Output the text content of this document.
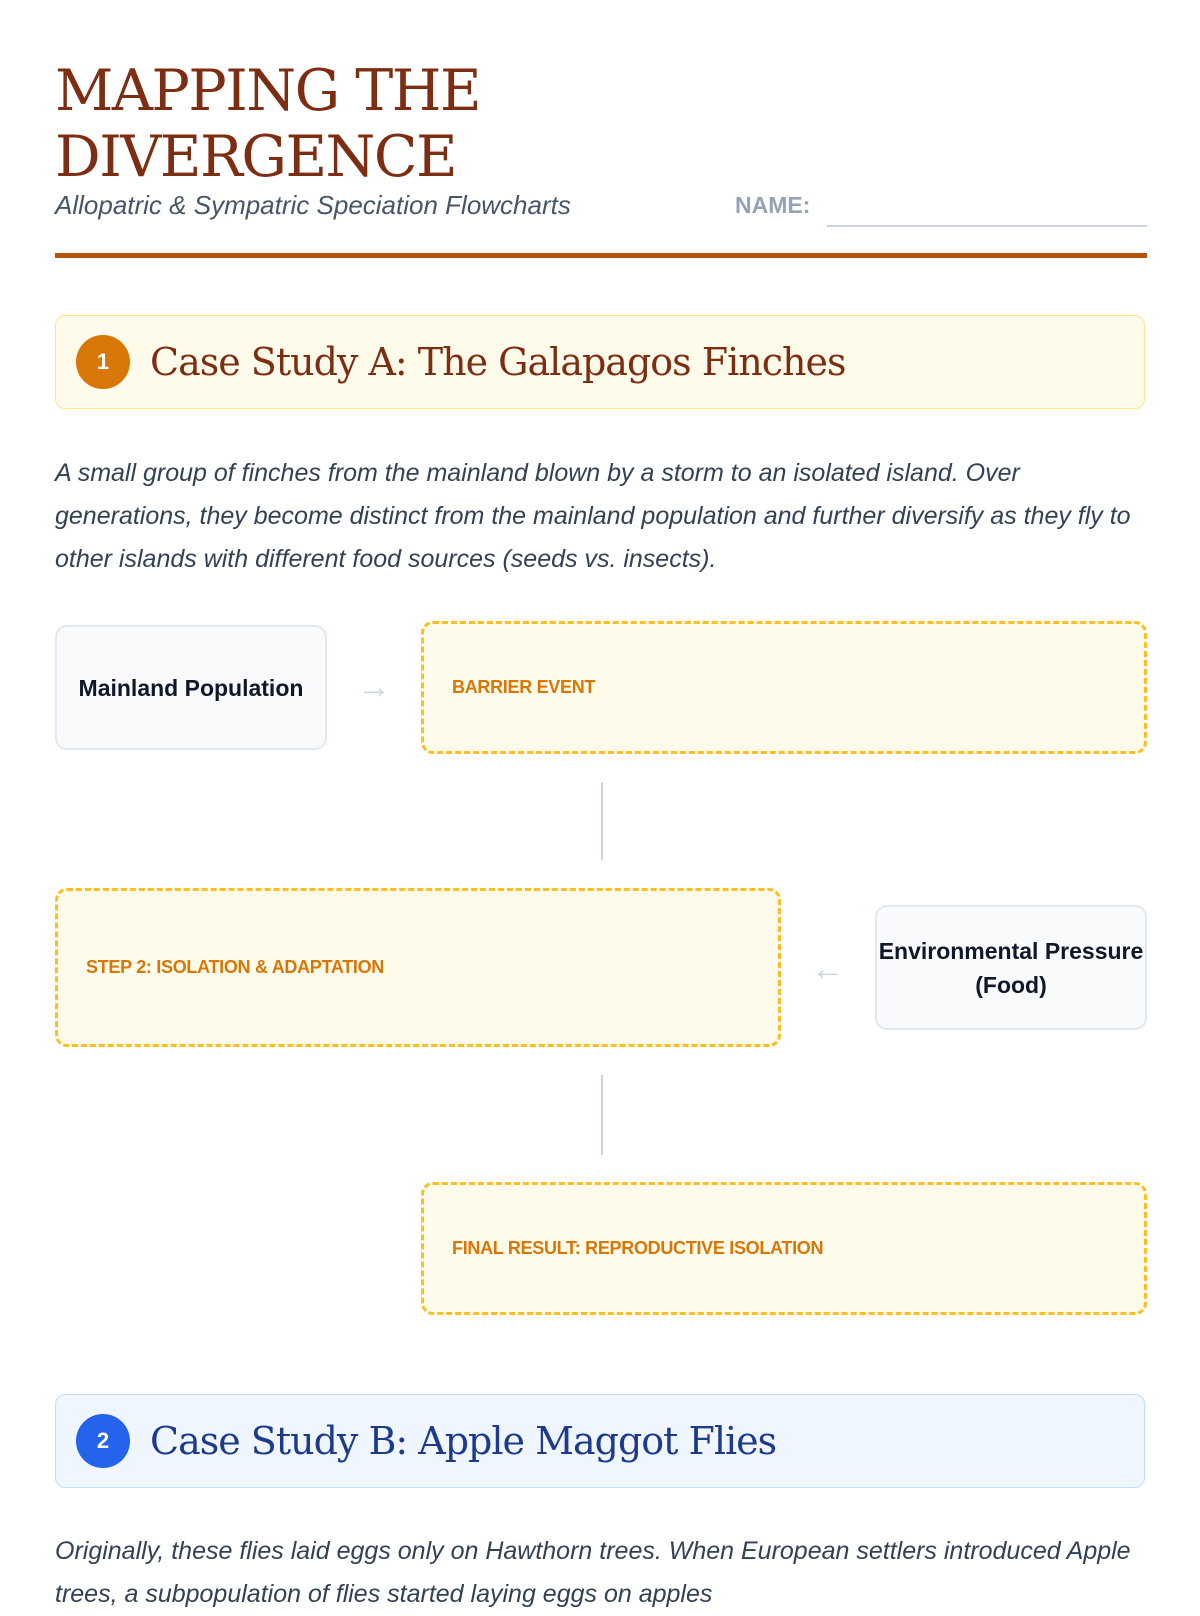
MAPPING THE
DIVERGENCE
Allopatric & Sympatric Speciation Flowcharts	NAME:
1	Case Study A: The Galapagos Finches

A small group of finches from the mainland blown by a storm to an isolated island. Over generations, they become distinct from the mainland population and further diversify as they fly to other islands with different food sources (seeds vs. insects).

Mainland Population	→	BARRIER EVENT
STEP 2: ISOLATION & ADAPTATION	← Environmental Pressure (Food)
FINAL RESULT: REPRODUCTIVE ISOLATION
2	Case Study B: Apple Maggot Flies

Originally, these flies laid eggs only on Hawthorn trees. When European settlers introduced Apple trees, a subpopulation of flies started laying eggs on apples
